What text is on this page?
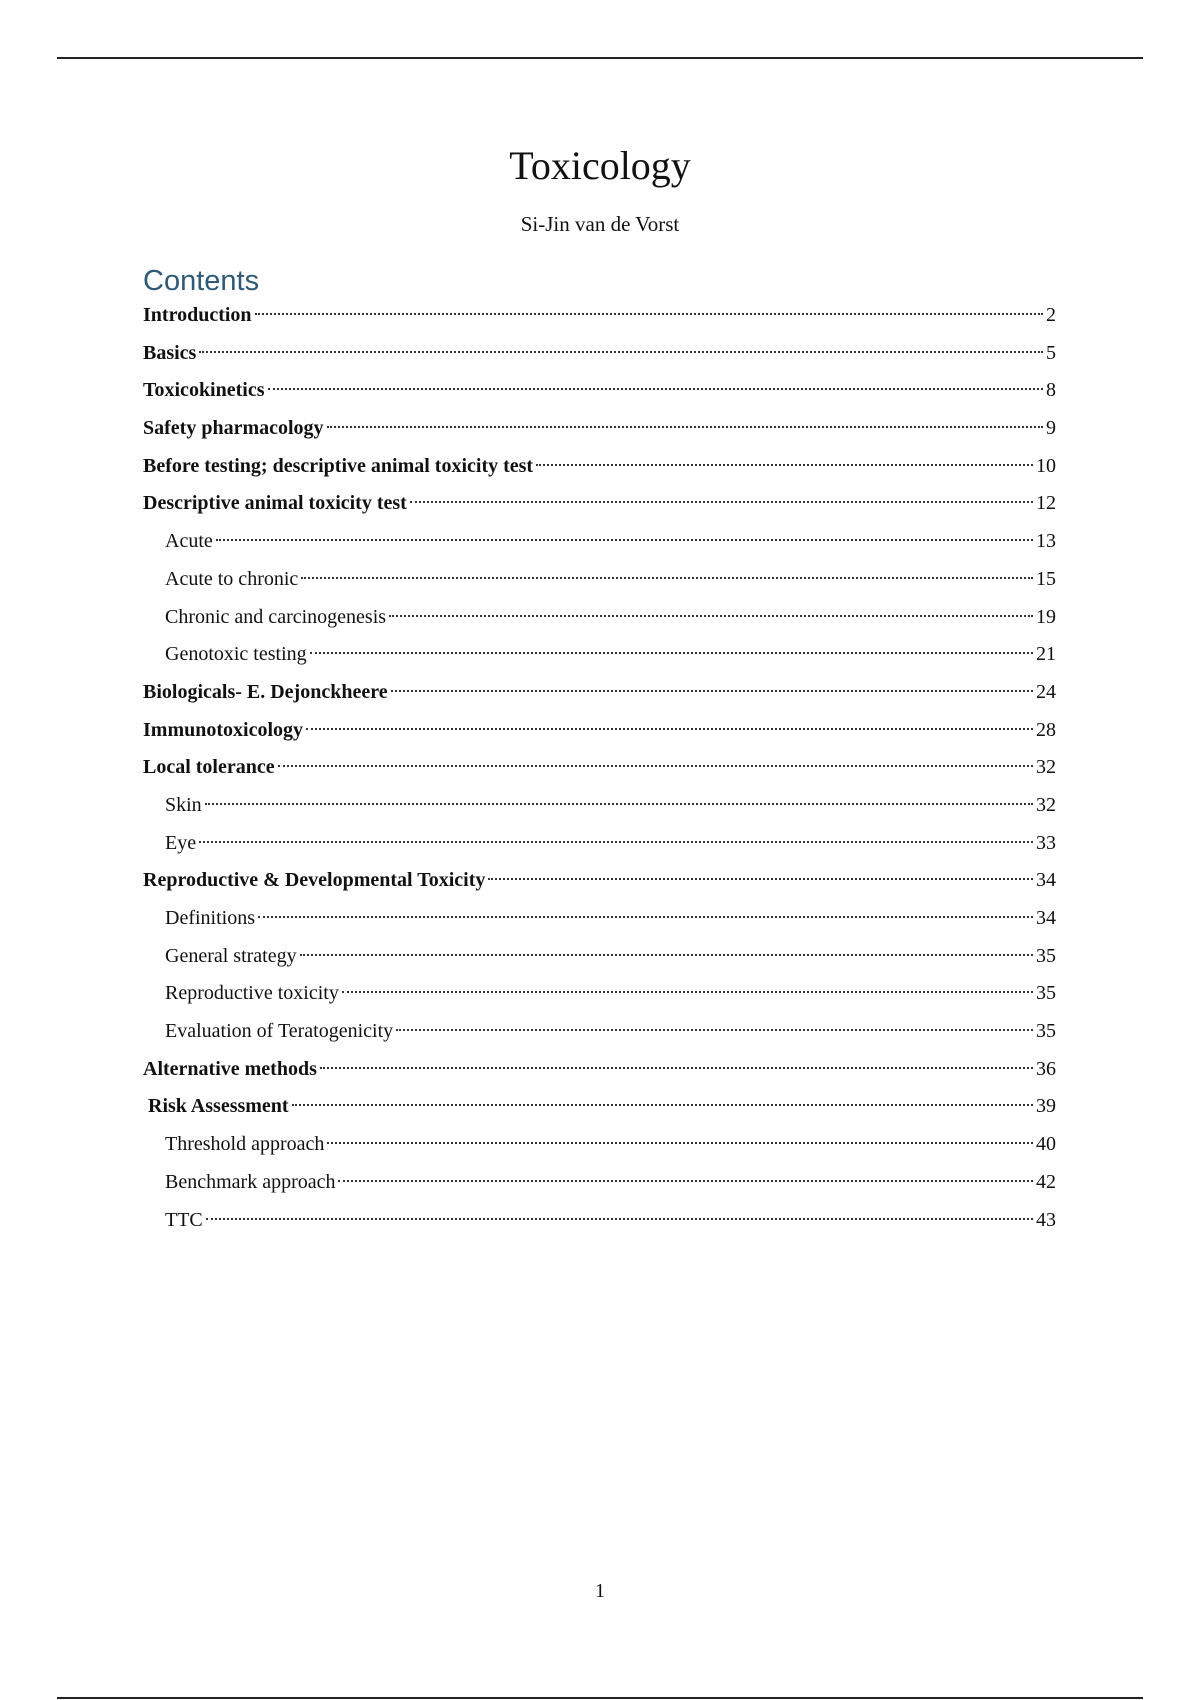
Toxicology
Si-Jin van de Vorst
Contents
Introduction	2
Basics	5
Toxicokinetics	8
Safety pharmacology	9
Before testing; descriptive animal toxicity test	10
Descriptive animal toxicity test	12
Acute	13
Acute to chronic	15
Chronic and carcinogenesis	19
Genotoxic testing	21
Biologicals- E. Dejonckheere	24
Immunotoxicology	28
Local tolerance	32
Skin	32
Eye	33
Reproductive & Developmental Toxicity	34
Definitions	34
General strategy	35
Reproductive toxicity	35
Evaluation of Teratogenicity	35
Alternative methods	36
Risk Assessment	39
Threshold approach	40
Benchmark approach	42
TTC	43
1
